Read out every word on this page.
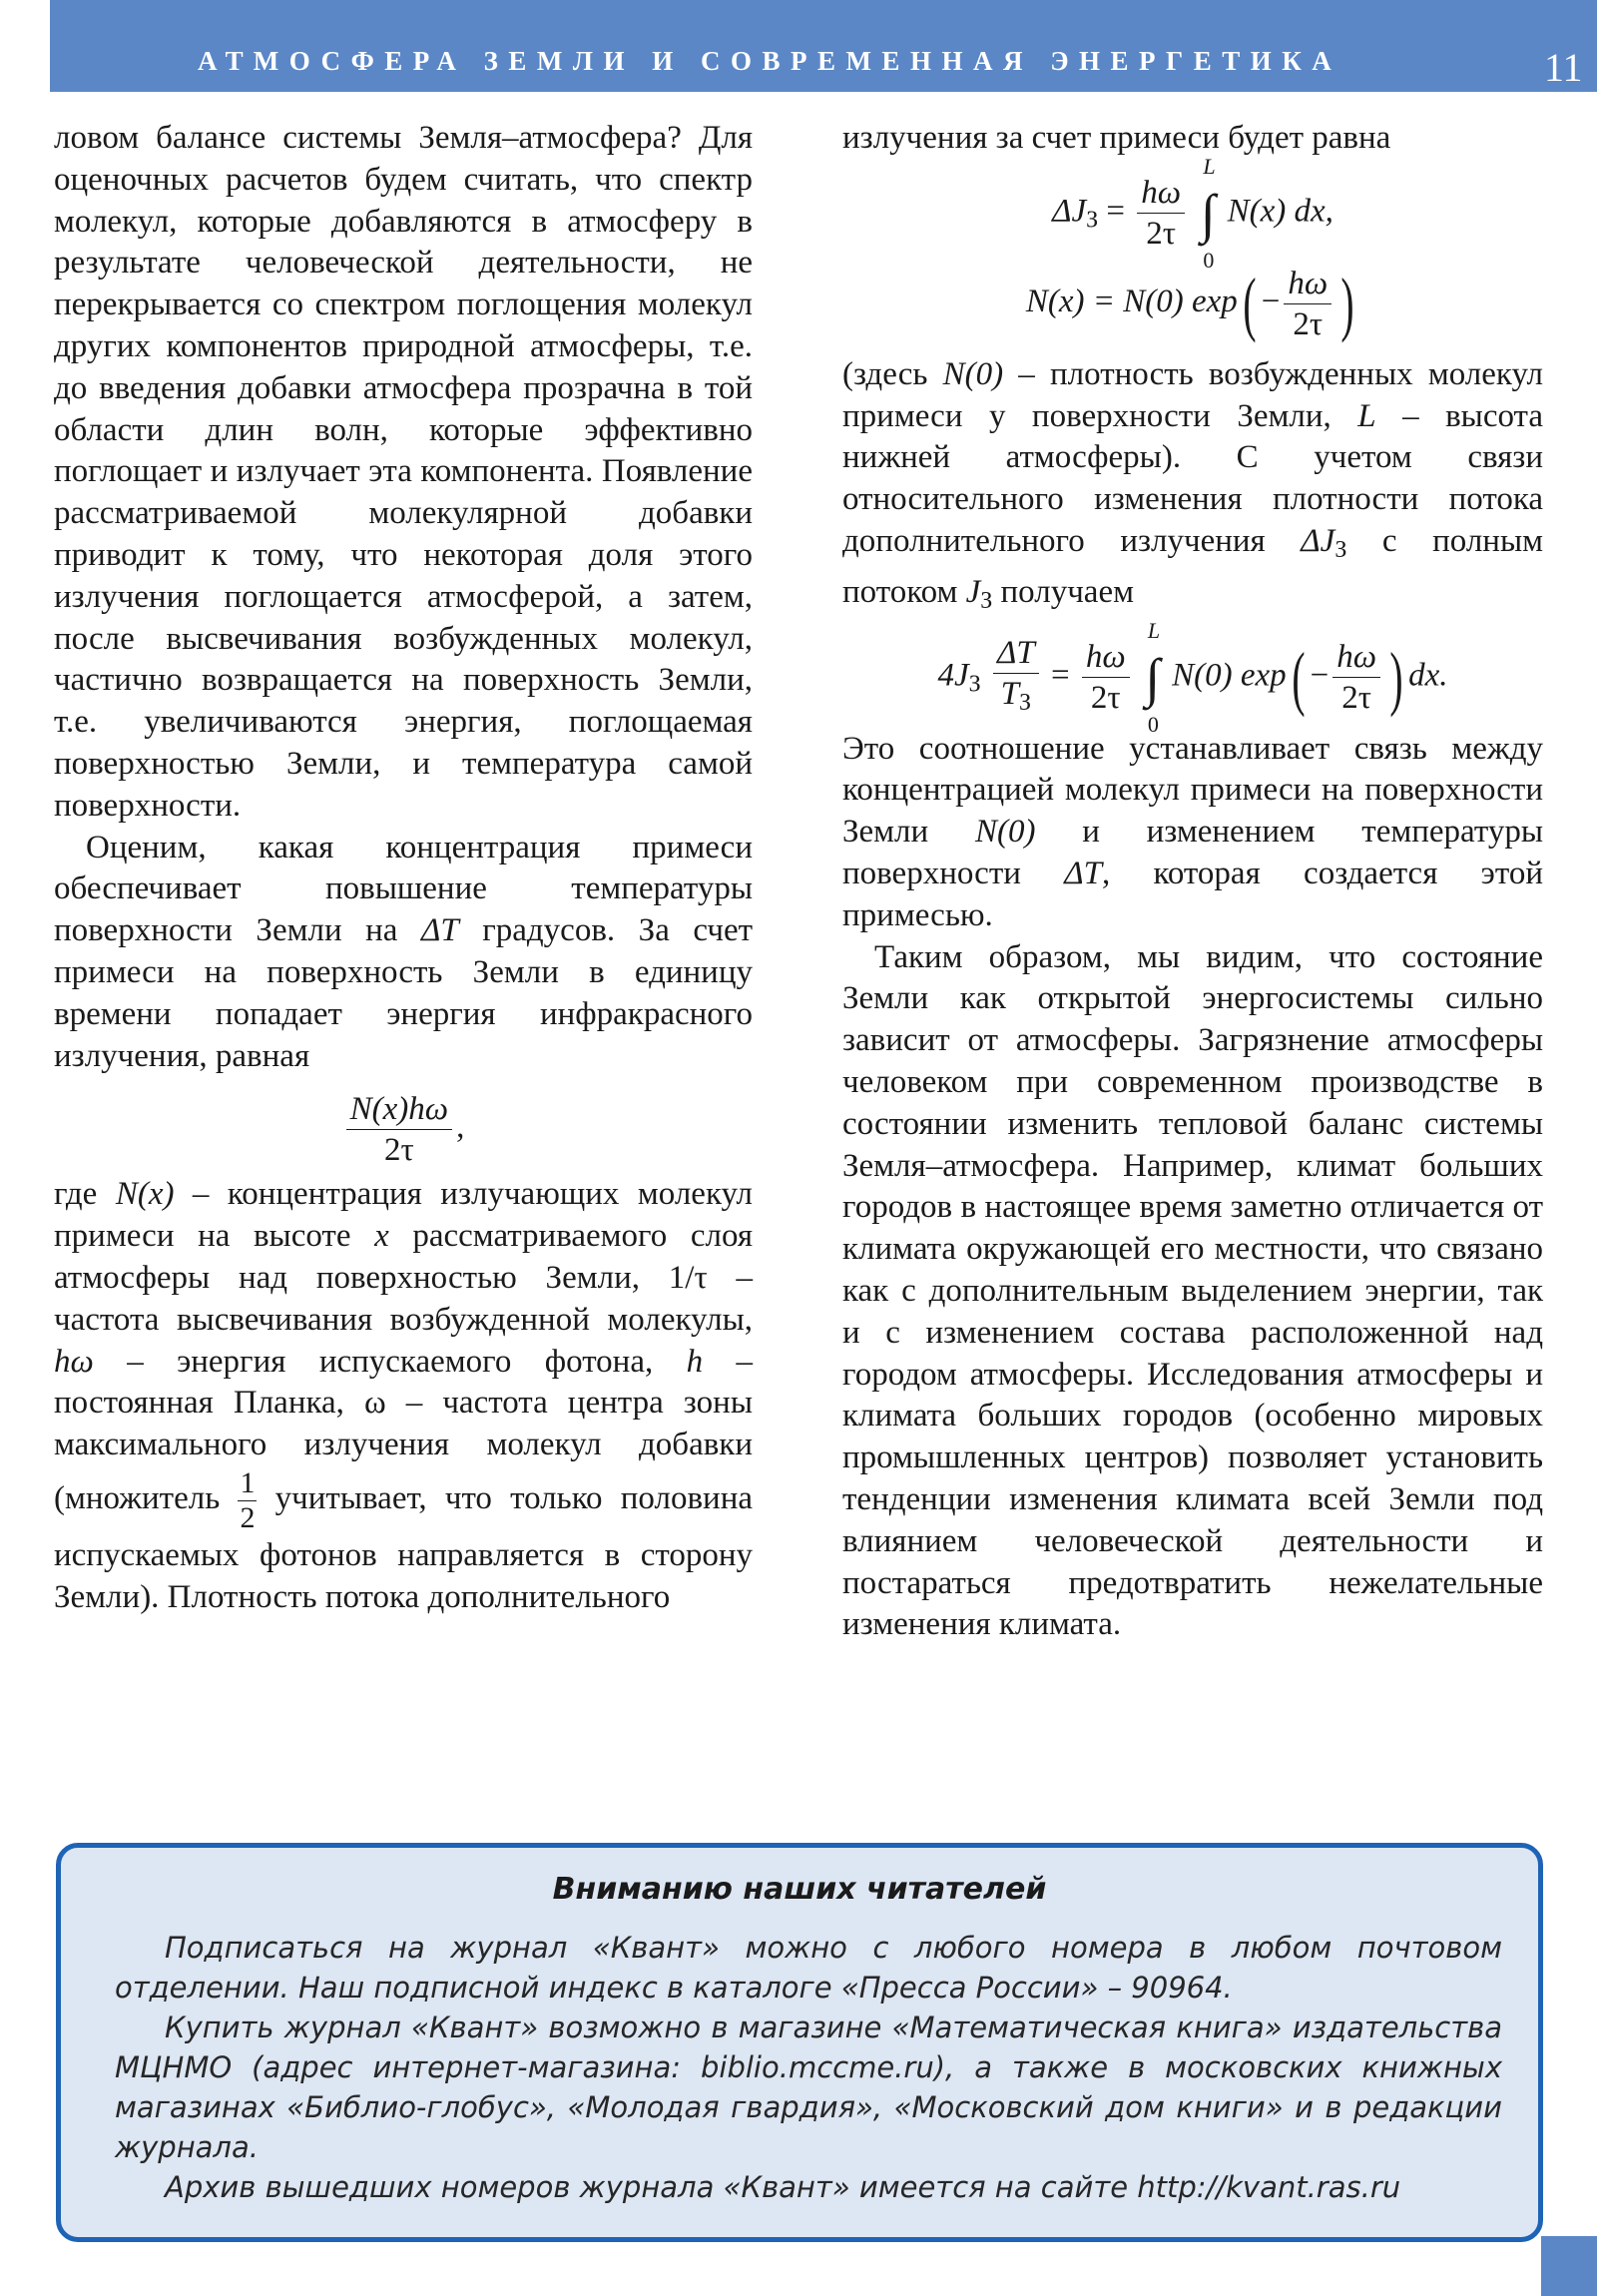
АТМОСФЕРА ЗЕМЛИ И СОВРЕМЕННАЯ ЭНЕРГЕТИКА	11

ловом балансе системы Земля–атмосфера? Для оценочных расчетов будем считать, что спектр молекул, которые добавляются в атмосферу в результате человеческой деятельности, не перекрывается со спектром поглощения молекул других компонентов природной атмосферы, т.е. до введения добавки атмосфера прозрачна в той области длин волн, которые эффективно поглощает и излучает эта компонента. Появление рассматриваемой молекулярной добавки приводит к тому, что некоторая доля этого излучения поглощается атмосферой, а затем, после высвечивания возбужденных молекул, частично возвращается на поверхность Земли, т.е. увеличиваются энергия, поглощаемая поверхностью Земли, и температура самой поверхности.

Оценим, какая концентрация примеси обеспечивает повышение температуры поверхности Земли на ΔT градусов. За счет примеси на поверхность Земли в единицу времени попадает энергия инфракрасного излучения, равная

$\frac{N(x)h\omega}{2\tau}$ ,

где N(x) – концентрация излучающих молекул примеси на высоте x рассматриваемого слоя атмосферы над поверхностью Земли, 1/τ – частота высвечивания возбужденной молекулы, hω – энергия испускаемого фотона, h – постоянная Планка, ω – частота центра зоны максимального излучения молекул добавки (множитель $\frac{1}{2}$ учитывает, что только половина испускаемых фотонов направляется в сторону Земли). Плотность потока дополнительного

излучения за счет примеси будет равна

$\Delta J_З = \frac{h\omega}{2\tau}$ ∫
L
0
N(x) dx,
N(x) = N(0) $\exp( - \frac{h\omega}{2\tau}$ )

(здесь N(0) – плотность возбужденных молекул примеси у поверхности Земли, L – высота нижней атмосферы). С учетом связи относительного изменения плотности потока дополнительного излучения $\Delta J_З$ с полным потоком $J_З$ получаем

$4J_З \frac{\Delta T}{T_З} = \frac{h\omega}{2\tau}$ ∫
L
0
N(0) $\exp( - \frac{h\omega}{2\tau}$ ) dx.

Это соотношение устанавливает связь между концентрацией молекул примеси на поверхности Земли N(0) и изменением температуры поверхности ΔT, которая создается этой примесью.

Таким образом, мы видим, что состояние Земли как открытой энергосистемы сильно зависит от атмосферы. Загрязнение атмосферы человеком при современном производстве в состоянии изменить тепловой баланс системы Земля–атмосфера. Например, климат больших городов в настоящее время заметно отличается от климата окружающей его местности, что связано как с дополнительным выделением энергии, так и с изменением состава расположенной над городом атмосферы. Исследования атмосферы и климата больших городов (особенно мировых промышленных центров) позволяет установить тенденции изменения климата всей Земли под влиянием человеческой деятельности и постараться предотвратить нежелательные изменения климата.

Вниманию наших читателей

Подписаться на журнал «Квант» можно с любого номера в любом почтовом отделении. Наш подписной индекс в каталоге «Пресса России» – 90964.

Купить журнал «Квант» возможно в магазине «Математическая книга» издательства МЦНМО (адрес интернет-магазина: biblio.mccme.ru), а также в московских книжных магазинах «Библио-глобус», «Молодая гвардия», «Московский дом книги» и в редакции журнала.

Архив вышедших номеров журнала «Квант» имеется на сайте http://kvant.ras.ru
